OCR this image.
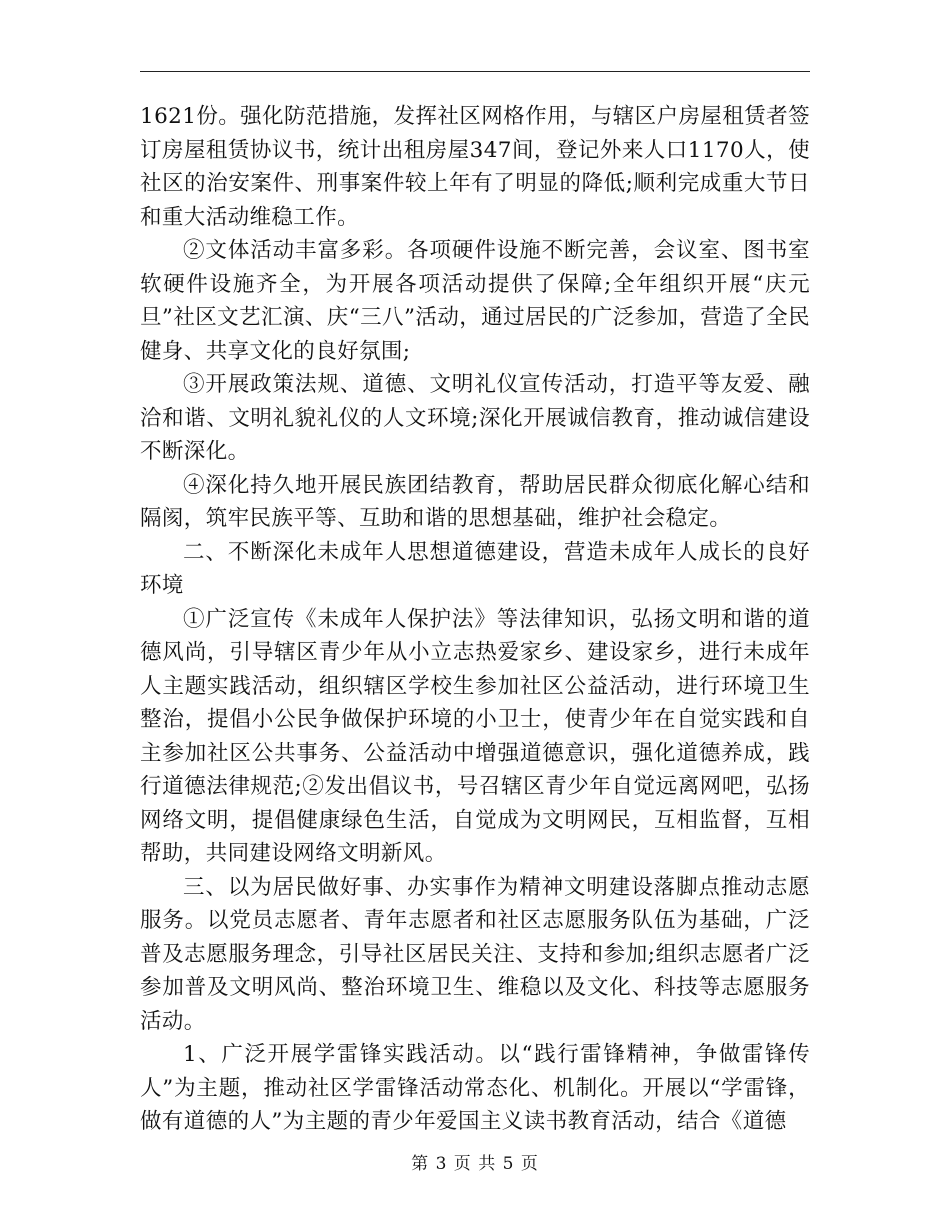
1621份。强化防范措施，发挥社区网格作用，与辖区户房屋租赁者签订房屋租赁协议书，统计出租房屋347间，登记外来人口1170人，使社区的治安案件、刑事案件较上年有了明显的降低;顺利完成重大节日和重大活动维稳工作。

②文体活动丰富多彩。各项硬件设施不断完善，会议室、图书室软硬件设施齐全，为开展各项活动提供了保障;全年组织开展“庆元旦”社区文艺汇演、庆“三八”活动，通过居民的广泛参加，营造了全民健身、共享文化的良好氛围;

③开展政策法规、道德、文明礼仪宣传活动，打造平等友爱、融洽和谐、文明礼貌礼仪的人文环境;深化开展诚信教育，推动诚信建设不断深化。

④深化持久地开展民族团结教育，帮助居民群众彻底化解心结和隔阂，筑牢民族平等、互助和谐的思想基础，维护社会稳定。

二、不断深化未成年人思想道德建设，营造未成年人成长的良好环境

①广泛宣传《未成年人保护法》等法律知识，弘扬文明和谐的道德风尚，引导辖区青少年从小立志热爱家乡、建设家乡，进行未成年人主题实践活动，组织辖区学校生参加社区公益活动，进行环境卫生整治，提倡小公民争做保护环境的小卫士，使青少年在自觉实践和自主参加社区公共事务、公益活动中增强道德意识，强化道德养成，践行道德法律规范;②发出倡议书，号召辖区青少年自觉远离网吧，弘扬网络文明，提倡健康绿色生活，自觉成为文明网民，互相监督，互相帮助，共同建设网络文明新风。

三、以为居民做好事、办实事作为精神文明建设落脚点推动志愿服务。以党员志愿者、青年志愿者和社区志愿服务队伍为基础，广泛普及志愿服务理念，引导社区居民关注、支持和参加;组织志愿者广泛参加普及文明风尚、整治环境卫生、维稳以及文化、科技等志愿服务活动。

1、广泛开展学雷锋实践活动。以“践行雷锋精神，争做雷锋传人”为主题，推动社区学雷锋活动常态化、机制化。开展以“学雷锋，做有道德的人”为主题的青少年爱国主义读书教育活动，结合《道德

第 3 页 共 5 页
